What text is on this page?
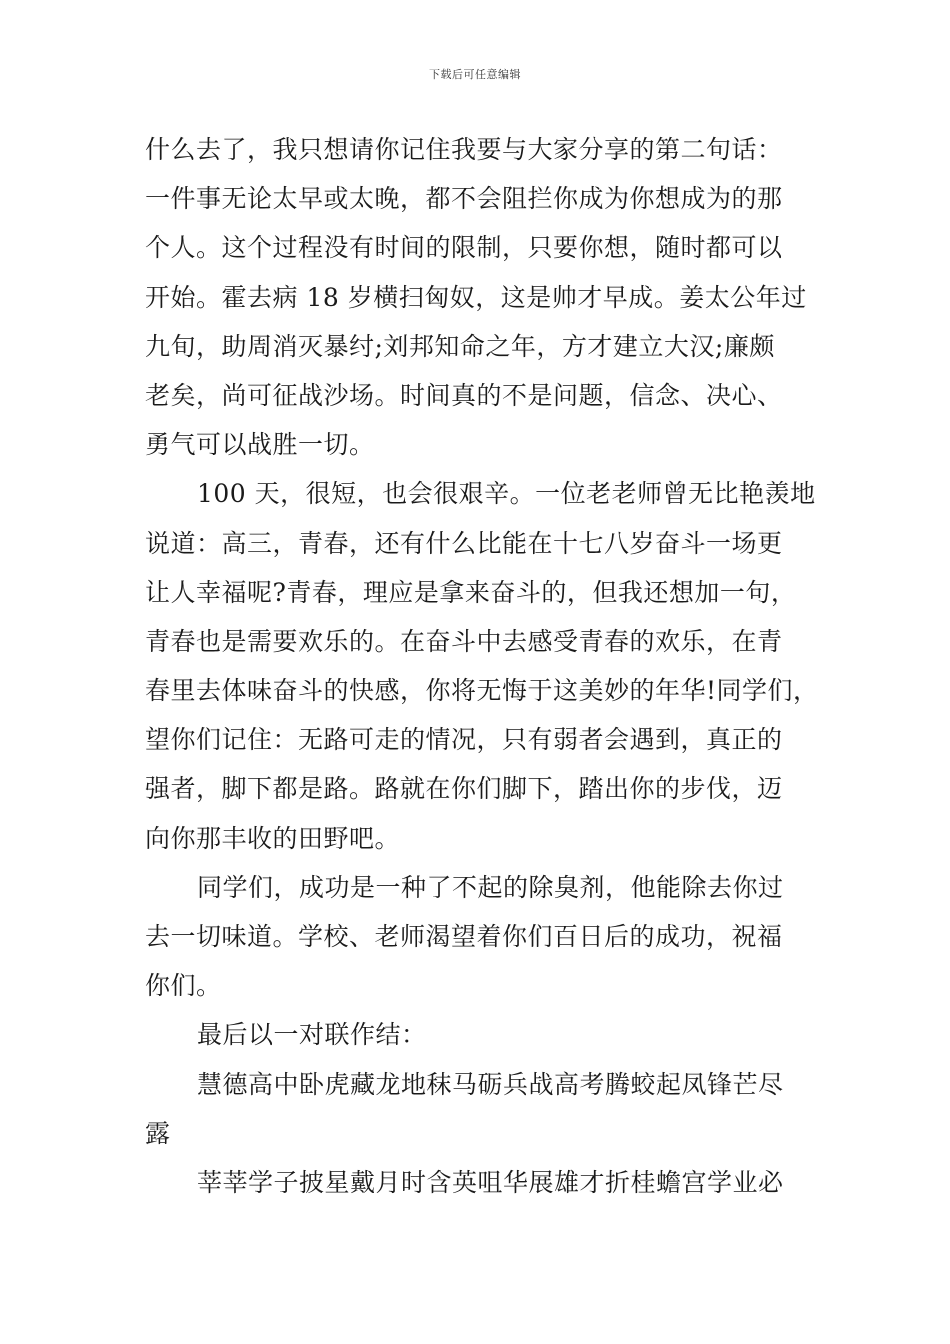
下载后可任意编辑
什么去了，我只想请你记住我要与大家分享的第二句话：
一件事无论太早或太晚，都不会阻拦你成为你想成为的那
个人。这个过程没有时间的限制，只要你想，随时都可以
开始。霍去病 18 岁横扫匈奴，这是帅才早成。姜太公年过
九旬，助周消灭暴纣;刘邦知命之年，方才建立大汉;廉颇
老矣，尚可征战沙场。时间真的不是问题，信念、决心、
勇气可以战胜一切。
100 天，很短，也会很艰辛。一位老老师曾无比艳羡地
说道：高三，青春，还有什么比能在十七八岁奋斗一场更
让人幸福呢?青春，理应是拿来奋斗的，但我还想加一句，
青春也是需要欢乐的。在奋斗中去感受青春的欢乐，在青
春里去体味奋斗的快感，你将无悔于这美妙的年华!同学们，
望你们记住：无路可走的情况，只有弱者会遇到，真正的
强者，脚下都是路。路就在你们脚下，踏出你的步伐，迈
向你那丰收的田野吧。
同学们，成功是一种了不起的除臭剂，他能除去你过
去一切味道。学校、老师渴望着你们百日后的成功，祝福
你们。
最后以一对联作结：
慧德高中卧虎藏龙地秣马砺兵战高考腾蛟起凤锋芒尽
露
莘莘学子披星戴月时含英咀华展雄才折桂蟾宫学业必
